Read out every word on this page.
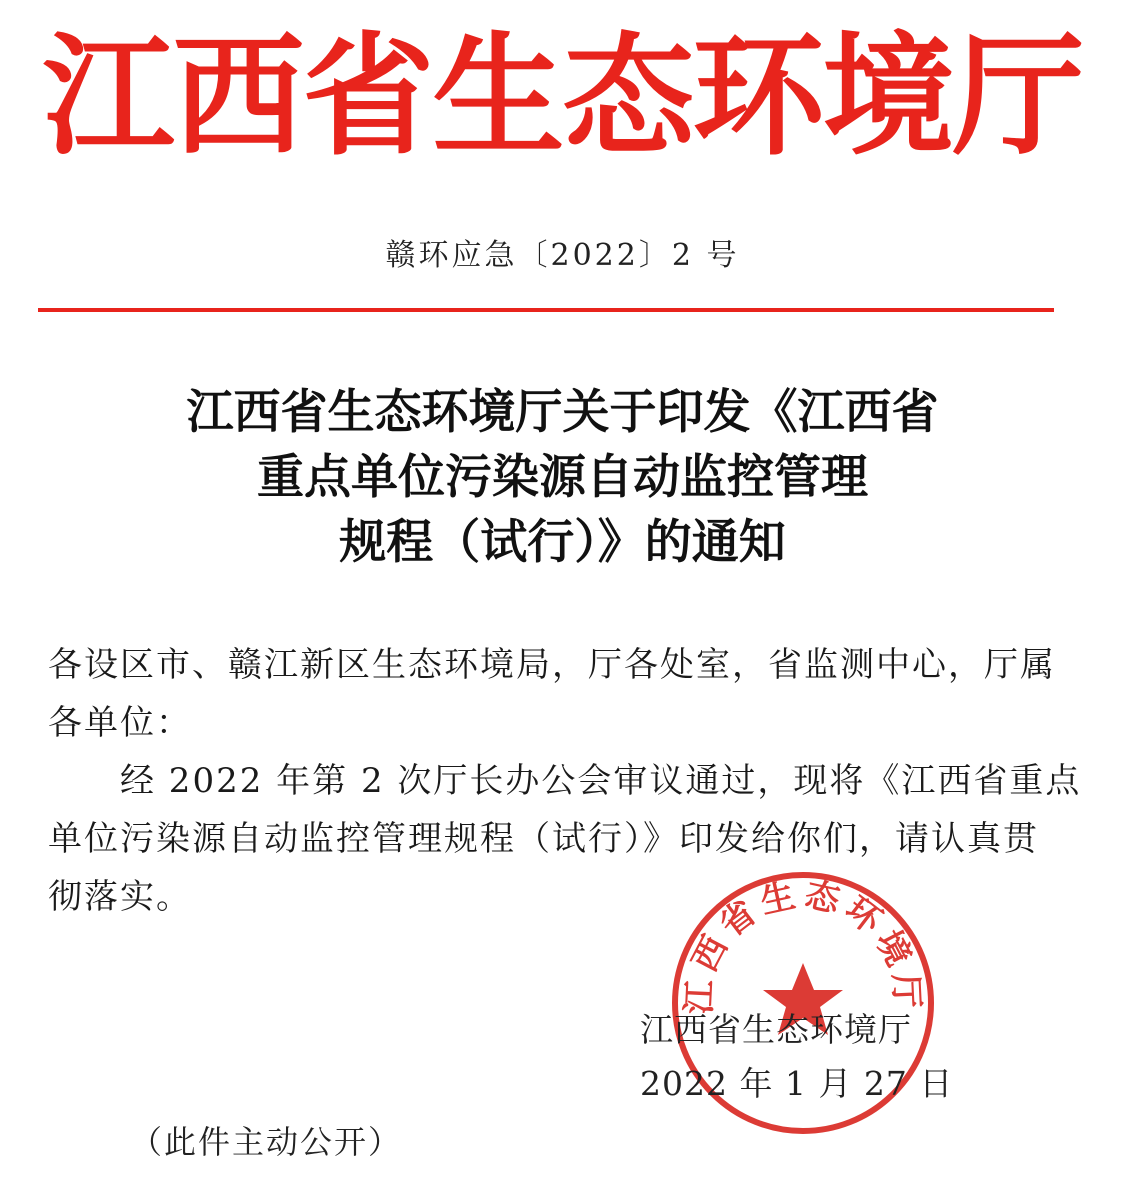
江西省生态环境厅
赣环应急〔2022〕2 号
江西省生态环境厅关于印发《江西省
重点单位污染源自动监控管理
规程（试行）》的通知
各设区市、赣江新区生态环境局，厅各处室，省监测中心，厅属
各单位：
　　经 2022 年第 2 次厅长办公会审议通过，现将《江西省重点
单位污染源自动监控管理规程（试行）》印发给你们，请认真贯
彻落实。
江西省生态环境厅
江西省生态环境厅
2022 年 1 月 27 日
（此件主动公开）
